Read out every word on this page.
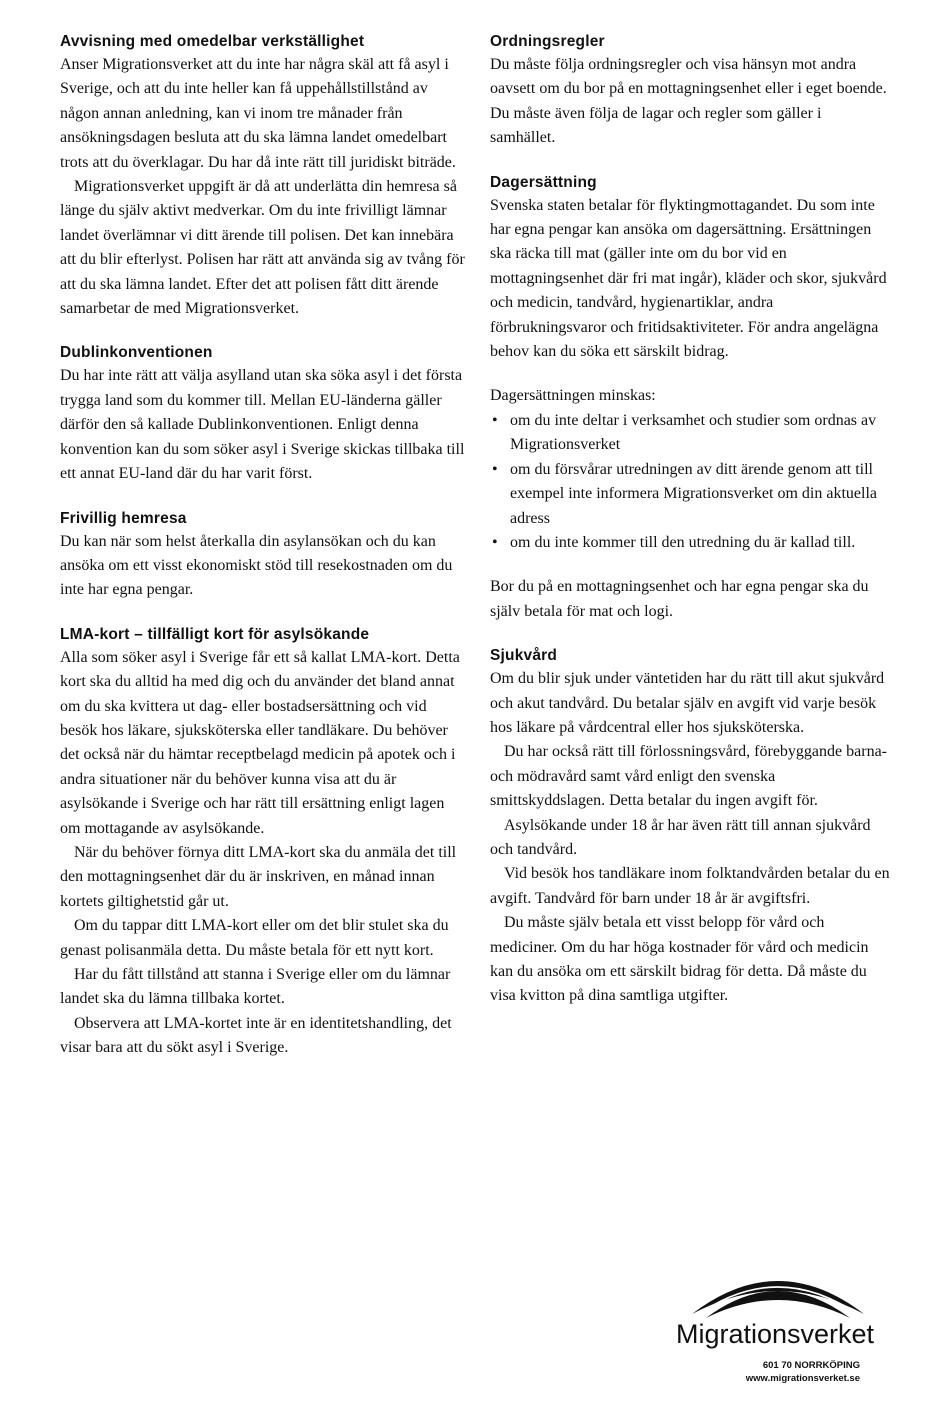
Avvisning med omedelbar verkställighet

Anser Migrationsverket att du inte har några skäl att få asyl i Sverige, och att du inte heller kan få uppehållstillstånd av någon annan anledning, kan vi inom tre månader från ansökningsdagen besluta att du ska lämna landet omedelbart trots att du överklagar. Du har då inte rätt till juridiskt biträde.

Migrationsverket uppgift är då att underlätta din hemresa så länge du själv aktivt medverkar. Om du inte frivilligt lämnar landet överlämnar vi ditt ärende till polisen. Det kan innebära att du blir efterlyst. Polisen har rätt att använda sig av tvång för att du ska lämna landet. Efter det att polisen fått ditt ärende samarbetar de med Migrationsverket.

Dublinkonventionen

Du har inte rätt att välja asylland utan ska söka asyl i det första trygga land som du kommer till. Mellan EU-länderna gäller därför den så kallade Dublinkonventionen. Enligt denna konvention kan du som söker asyl i Sverige skickas tillbaka till ett annat EU-land där du har varit först.

Frivillig hemresa

Du kan när som helst återkalla din asylansökan och du kan ansöka om ett visst ekonomiskt stöd till resekostnaden om du inte har egna pengar.

LMA-kort – tillfälligt kort för asylsökande

Alla som söker asyl i Sverige får ett så kallat LMA-kort. Detta kort ska du alltid ha med dig och du använder det bland annat om du ska kvittera ut dag- eller bostadsersättning och vid besök hos läkare, sjuksköterska eller tandläkare. Du behöver det också när du hämtar receptbelagd medicin på apotek och i andra situationer när du behöver kunna visa att du är asylsökande i Sverige och har rätt till ersättning enligt lagen om mottagande av asylsökande.

När du behöver förnya ditt LMA-kort ska du anmäla det till den mottagningsenhet där du är inskriven, en månad innan kortets giltighetstid går ut.

Om du tappar ditt LMA-kort eller om det blir stulet ska du genast polisanmäla detta. Du måste betala för ett nytt kort.

Har du fått tillstånd att stanna i Sverige eller om du lämnar landet ska du lämna tillbaka kortet.

Observera att LMA-kortet inte är en identitetshandling, det visar bara att du sökt asyl i Sverige.

Ordningsregler

Du måste följa ordningsregler och visa hänsyn mot andra oavsett om du bor på en mottagningsenhet eller i eget boende. Du måste även följa de lagar och regler som gäller i samhället.

Dagersättning

Svenska staten betalar för flyktingmottagandet. Du som inte har egna pengar kan ansöka om dagersättning. Ersättningen ska räcka till mat (gäller inte om du bor vid en mottagningsenhet där fri mat ingår), kläder och skor, sjukvård och medicin, tandvård, hygienartiklar, andra förbrukningsvaror och fritidsaktiviteter. För andra angelägna behov kan du söka ett särskilt bidrag.

Dagersättningen minskas:

• om du inte deltar i verksamhet och studier som ordnas av Migrationsverket
• om du försvårar utredningen av ditt ärende genom att till exempel inte informera Migrationsverket om din aktuella adress
• om du inte kommer till den utredning du är kallad till.

Bor du på en mottagningsenhet och har egna pengar ska du själv betala för mat och logi.

Sjukvård

Om du blir sjuk under väntetiden har du rätt till akut sjukvård och akut tandvård. Du betalar själv en avgift vid varje besök hos läkare på vårdcentral eller hos sjuksköterska.

Du har också rätt till förlossningsvård, förebyggande barna- och mödravård samt vård enligt den svenska smittskyddslagen. Detta betalar du ingen avgift för.

Asylsökande under 18 år har även rätt till annan sjukvård och tandvård.

Vid besök hos tandläkare inom folktandvården betalar du en avgift. Tandvård för barn under 18 år är avgiftsfri.

Du måste själv betala ett visst belopp för vård och mediciner. Om du har höga kostnader för vård och medicin kan du ansöka om ett särskilt bidrag för detta. Då måste du visa kvitton på dina samtliga utgifter.

Migrationsverket
601 70 NORRKÖPING
www.migrationsverket.se
